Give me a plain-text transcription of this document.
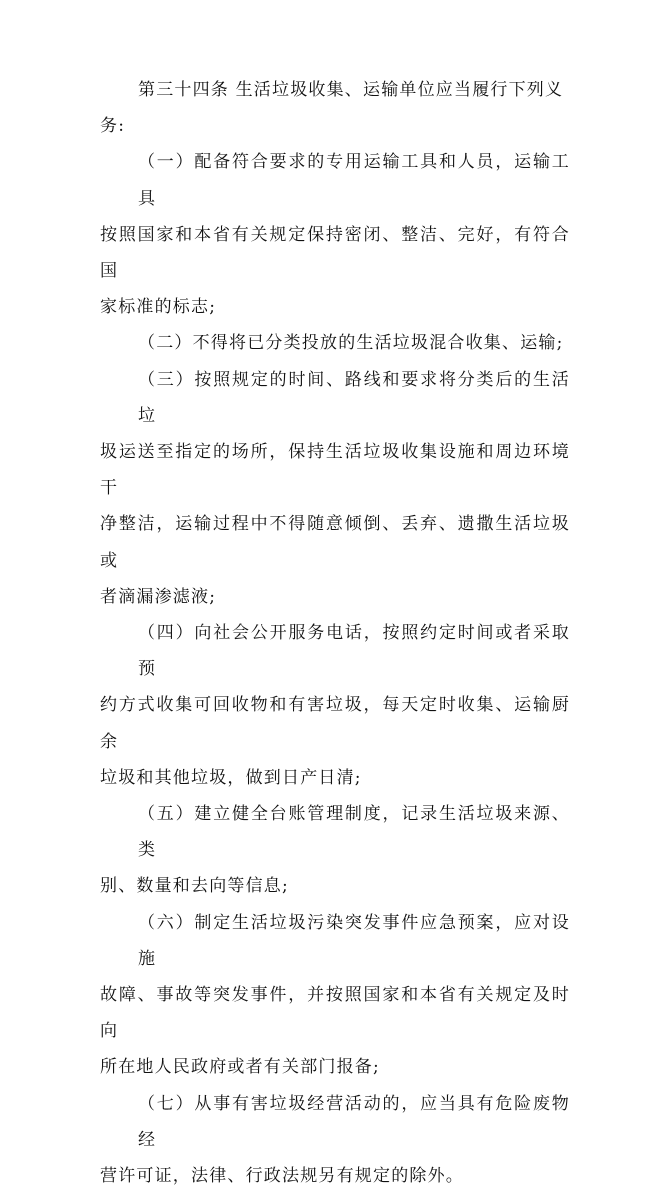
第三十四条 生活垃圾收集、运输单位应当履行下列义
务:
（一）配备符合要求的专用运输工具和人员，运输工具
按照国家和本省有关规定保持密闭、整洁、完好，有符合国
家标准的标志;
（二）不得将已分类投放的生活垃圾混合收集、运输;
（三）按照规定的时间、路线和要求将分类后的生活垃
圾运送至指定的场所，保持生活垃圾收集设施和周边环境干
净整洁，运输过程中不得随意倾倒、丢弃、遗撒生活垃圾或
者滴漏渗滤液;
（四）向社会公开服务电话，按照约定时间或者采取预
约方式收集可回收物和有害垃圾，每天定时收集、运输厨余
垃圾和其他垃圾，做到日产日清;
（五）建立健全台账管理制度，记录生活垃圾来源、类
别、数量和去向等信息;
（六）制定生活垃圾污染突发事件应急预案，应对设施
故障、事故等突发事件，并按照国家和本省有关规定及时向
所在地人民政府或者有关部门报备;
（七）从事有害垃圾经营活动的，应当具有危险废物经
营许可证，法律、行政法规另有规定的除外。
